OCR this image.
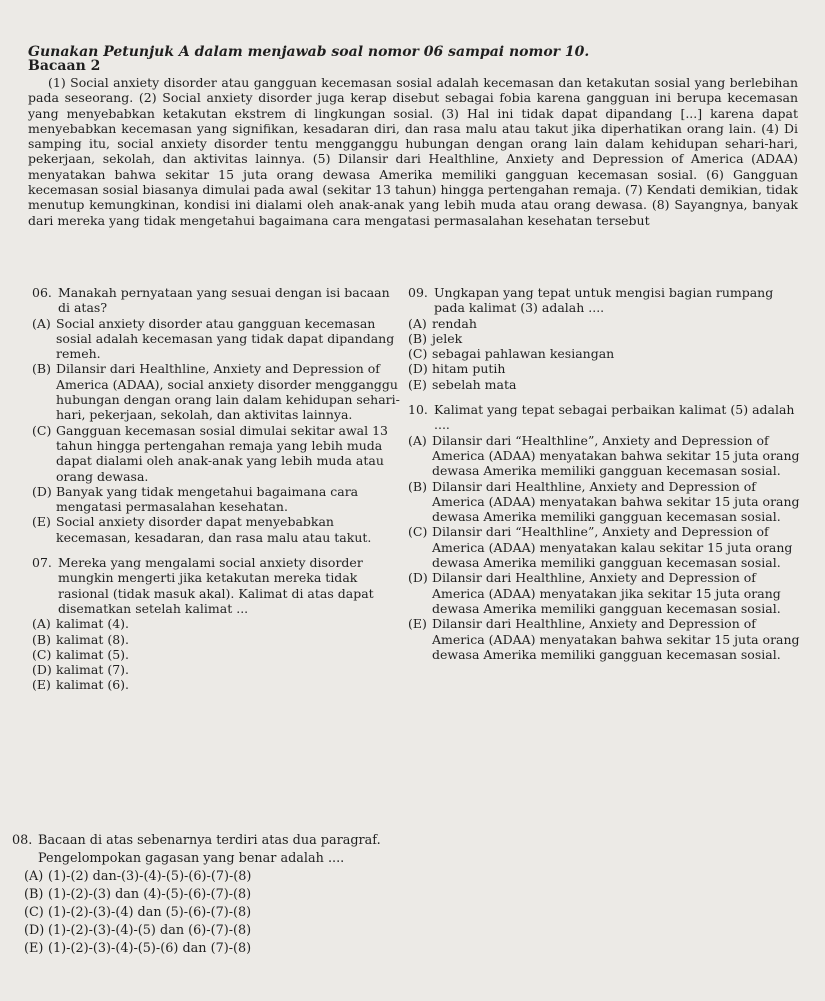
Gunakan Petunjuk A dalam menjawab soal nomor 06 sampai nomor 10.
Bacaan 2

(1) Social anxiety disorder atau gangguan kecemasan sosial adalah kecemasan dan ketakutan sosial yang berlebihan pada seseorang. (2) Social anxiety disorder juga kerap disebut sebagai fobia karena gangguan ini berupa kecemasan yang menyebabkan ketakutan ekstrem di lingkungan sosial. (3) Hal ini tidak dapat dipandang [...] karena dapat menyebabkan kecemasan yang signifikan, kesadaran diri, dan rasa malu atau takut jika diperhatikan orang lain. (4) Di samping itu, social anxiety disorder tentu mengganggu hubungan dengan orang lain dalam kehidupan sehari-hari, pekerjaan, sekolah, dan aktivitas lainnya. (5) Dilansir dari Healthline, Anxiety and Depression of America (ADAA) menyatakan bahwa sekitar 15 juta orang dewasa Amerika memiliki gangguan kecemasan sosial. (6) Gangguan kecemasan sosial biasanya dimulai pada awal (sekitar 13 tahun) hingga pertengahan remaja. (7) Kendati demikian, tidak menutup kemungkinan, kondisi ini dialami oleh anak-anak yang lebih muda atau orang dewasa. (8) Sayangnya, banyak dari mereka yang tidak mengetahui bagaimana cara mengatasi permasalahan kesehatan tersebut

06. Manakah pernyataan yang sesuai dengan isi bacaan di atas?
(A) Social anxiety disorder atau gangguan kecemasan sosial adalah kecemasan yang tidak dapat dipandang remeh.
(B) Dilansir dari Healthline, Anxiety and Depression of America (ADAA), social anxiety disorder mengganggu hubungan dengan orang lain dalam kehidupan sehari-hari, pekerjaan, sekolah, dan aktivitas lainnya.
(C) Gangguan kecemasan sosial dimulai sekitar awal 13 tahun hingga pertengahan remaja yang lebih muda dapat dialami oleh anak-anak yang lebih muda atau orang dewasa.
(D) Banyak yang tidak mengetahui bagaimana cara mengatasi permasalahan kesehatan.
(E) Social anxiety disorder dapat menyebabkan kecemasan, kesadaran, dan rasa malu atau takut.
07. Mereka yang mengalami social anxiety disorder mungkin mengerti jika ketakutan mereka tidak rasional (tidak masuk akal). Kalimat di atas dapat disematkan setelah kalimat ...
(A) kalimat (4).
(B) kalimat (8).
(C) kalimat (5).
(D) kalimat (7).
(E) kalimat (6).
09. Ungkapan yang tepat untuk mengisi bagian rumpang pada kalimat (3) adalah ....
(A) rendah
(B) jelek
(C) sebagai pahlawan kesiangan
(D) hitam putih
(E) sebelah mata
10. Kalimat yang tepat sebagai perbaikan kalimat (5) adalah ....
(A) Dilansir dari “Healthline”, Anxiety and Depression of America (ADAA) menyatakan bahwa sekitar 15 juta orang dewasa Amerika memiliki gangguan kecemasan sosial.
(B) Dilansir dari Healthline, Anxiety and Depression of America (ADAA) menyatakan bahwa sekitar 15 juta orang dewasa Amerika memiliki gangguan kecemasan sosial.
(C) Dilansir dari “Healthline”, Anxiety and Depression of America (ADAA) menyatakan kalau sekitar 15 juta orang dewasa Amerika memiliki gangguan kecemasan sosial.
(D) Dilansir dari Healthline, Anxiety and Depression of America (ADAA) menyatakan jika sekitar 15 juta orang dewasa Amerika memiliki gangguan kecemasan sosial.
(E) Dilansir dari Healthline, Anxiety and Depression of America (ADAA) menyatakan bahwa sekitar 15 juta orang dewasa Amerika memiliki gangguan kecemasan sosial.
08. Bacaan di atas sebenarnya terdiri atas dua paragraf.
Pengelompokan gagasan yang benar adalah ....
(A) (1)-(2) dan-(3)-(4)-(5)-(6)-(7)-(8)
(B) (1)-(2)-(3) dan (4)-(5)-(6)-(7)-(8)
(C) (1)-(2)-(3)-(4) dan (5)-(6)-(7)-(8)
(D) (1)-(2)-(3)-(4)-(5) dan (6)-(7)-(8)
(E) (1)-(2)-(3)-(4)-(5)-(6) dan (7)-(8)
